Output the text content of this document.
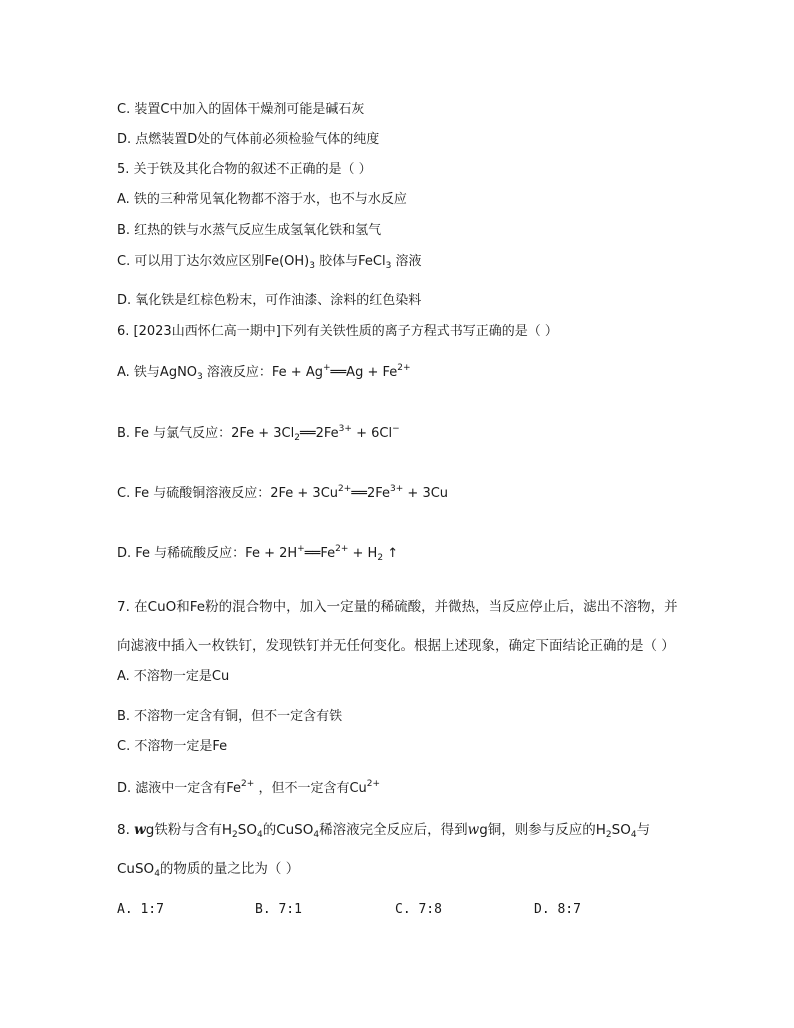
C. 装置C中加入的固体干燥剂可能是碱石灰
D. 点燃装置D处的气体前必须检验气体的纯度
5. 关于铁及其化合物的叙述不正确的是（ ）
A. 铁的三种常见氧化物都不溶于水，也不与水反应
B. 红热的铁与水蒸气反应生成氢氧化铁和氢气
C. 可以用丁达尔效应区别$Fe(OH)_3$ 胶体与FeCl$_3$ 溶液
D. 氧化铁是红棕色粉末，可作油漆、涂料的红色染料
6. [2023山西怀仁高一期中]下列有关铁性质的离子方程式书写正确的是（ ）
A. 铁与AgNO$_3$ 溶液反应：Fe + Ag+══Ag + $Fe^{2+}$
B. Fe 与氯气反应：$2Fe + 3Cl_2══2Fe^{3+} + 6Cl^-$
C. Fe 与硫酸铜溶液反应：$2Fe + 3Cu^{2+}══2Fe^{3+} + 3Cu$
D. Fe 与稀硫酸反应：$Fe + 2H^+══Fe^{2+} + H_2$ ↑
7. 在CuO和Fe粉的混合物中，加入一定量的稀硫酸，并微热，当反应停止后，滤出不溶物，并
向滤液中插入一枚铁钉，发现铁钉并无任何变化。根据上述现象，确定下面结论正确的是（ ）
A. 不溶物一定是Cu
B. 不溶物一定含有铜，但不一定含有铁
C. 不溶物一定是Fe
D. 滤液中一定含有$Fe^{2+}$ ，但不一定含有$Cu^{2+}$
8. wg铁粉与含有$H_2SO_4$的CuSO$_4$稀溶液完全反应后，得到wg铜，则参与反应的$H_2SO_4$与
CuSO$_4$的物质的量之比为（ ）
A. 1:7	B. 7:1	C. 7:8	D. 8:7
